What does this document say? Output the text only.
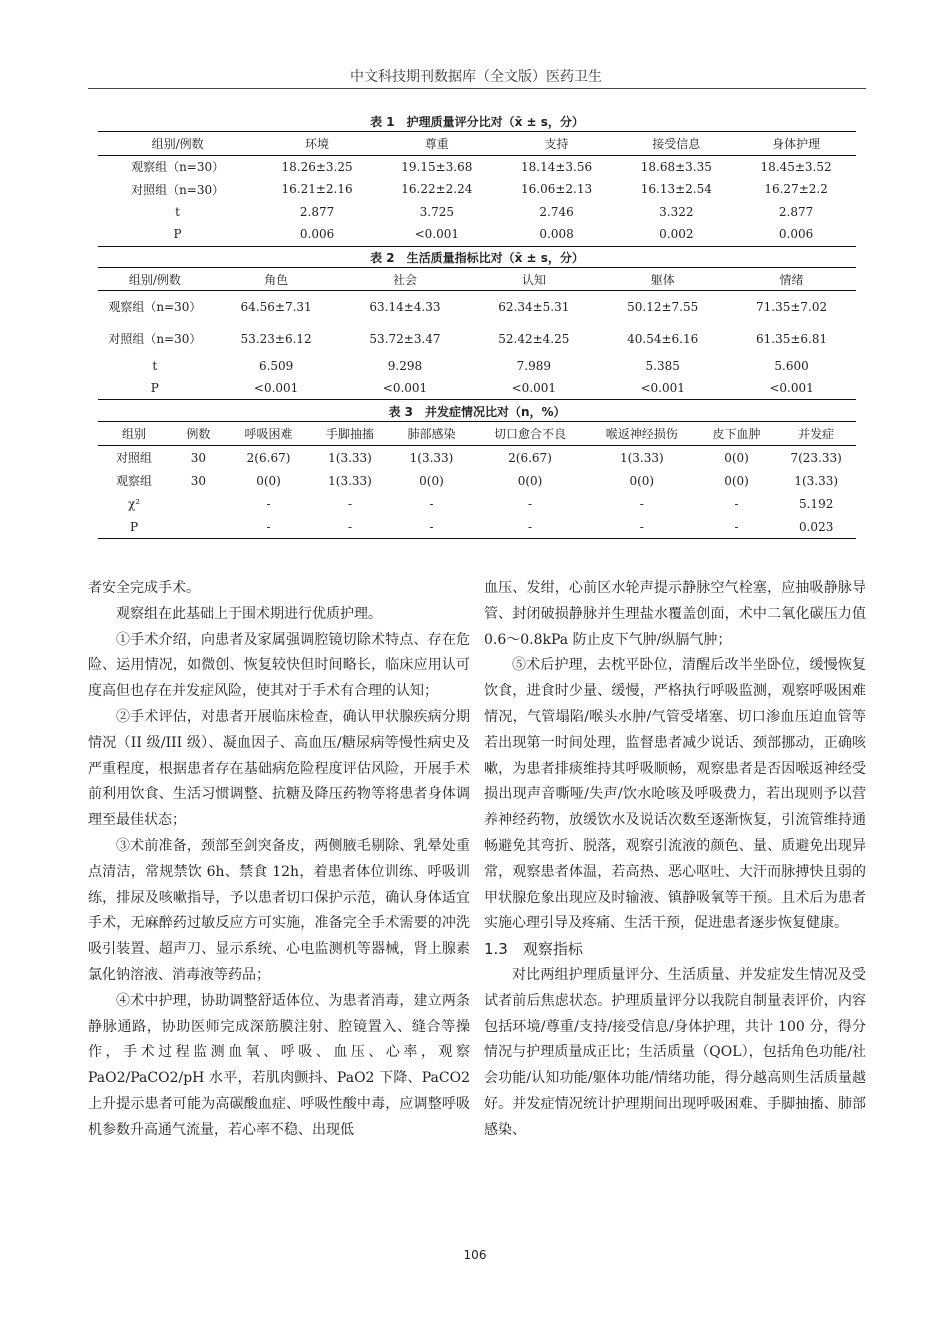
中文科技期刊数据库（全文版）医药卫生
表 1　护理质量评分比对（x̄ ± s，分）
组别/例数	环境	尊重	支持	接受信息	身体护理
观察组（n=30）	18.26±3.25	19.15±3.68	18.14±3.56	18.68±3.35	18.45±3.52
对照组（n=30）	16.21±2.16	16.22±2.24	16.06±2.13	16.13±2.54	16.27±2.2
t	2.877	3.725	2.746	3.322	2.877
P	0.006	<0.001	0.008	0.002	0.006
表 2　生活质量指标比对（x̄ ± s，分）
组别/例数	角色	社会	认知	躯体	情绪
观察组（n=30）	64.56±7.31	63.14±4.33	62.34±5.31	50.12±7.55	71.35±7.02
对照组（n=30）	53.23±6.12	53.72±3.47	52.42±4.25	40.54±6.16	61.35±6.81
t	6.509	9.298	7.989	5.385	5.600
P	<0.001	<0.001	<0.001	<0.001	<0.001
表 3　并发症情况比对（n，%）
组别	例数	呼吸困难	手脚抽搐	肺部感染	切口愈合不良	喉返神经损伤	皮下血肿	并发症
对照组	30	2(6.67)	1(3.33)	1(3.33)	2(6.67)	1(3.33)	0(0)	7(23.33)
观察组	30	0(0)	1(3.33)	0(0)	0(0)	0(0)	0(0)	1(3.33)
χ²		-	-	-	-	-	-	5.192
P		-	-	-	-	-	-	0.023

者安全完成手术。

观察组在此基础上于围术期进行优质护理。

①手术介绍，向患者及家属强调腔镜切除术特点、存在危险、运用情况，如微创、恢复较快但时间略长，临床应用认可度高但也存在并发症风险，使其对于手术有合理的认知；

②手术评估，对患者开展临床检查，确认甲状腺疾病分期情况（II 级/III 级）、凝血因子、高血压/糖尿病等慢性病史及严重程度，根据患者存在基础病危险程度评估风险，开展手术前利用饮食、生活习惯调整、抗糖及降压药物等将患者身体调理至最佳状态；

③术前准备，颈部至剑突备皮，两侧腋毛剔除、乳晕处重点清洁，常规禁饮 6h、禁食 12h，着患者体位训练、呼吸训练，排尿及咳嗽指导，予以患者切口保护示范，确认身体适宜手术，无麻醉药过敏反应方可实施，准备完全手术需要的冲洗吸引装置、超声刀、显示系统、心电监测机等器械，肾上腺素氯化钠溶液、消毒液等药品；

④术中护理，协助调整舒适体位、为患者消毒，建立两条静脉通路，协助医师完成深筋膜注射、腔镜置入、缝合等操作，手术过程监测血氧、呼吸、血压、心率，观察 PaO2/PaCO2/pH 水平，若肌肉颤抖、PaO2 下降、PaCO2 上升提示患者可能为高碳酸血症、呼吸性酸中毒，应调整呼吸机参数升高通气流量，若心率不稳、出现低

血压、发绀，心前区水轮声提示静脉空气栓塞，应抽吸静脉导管、封闭破损静脉并生理盐水覆盖创面，术中二氧化碳压力值 0.6～0.8kPa 防止皮下气肿/纵膈气肿；

⑤术后护理，去枕平卧位，清醒后改半坐卧位，缓慢恢复饮食，进食时少量、缓慢，严格执行呼吸监测，观察呼吸困难情况，气管塌陷/喉头水肿/气管受堵塞、切口渗血压迫血管等若出现第一时间处理，监督患者减少说话、颈部挪动，正确咳嗽，为患者排痰维持其呼吸顺畅，观察患者是否因喉返神经受损出现声音嘶哑/失声/饮水呛咳及呼吸费力，若出现则予以营养神经药物，放缓饮水及说话次数至逐渐恢复，引流管维持通畅避免其弯折、脱落，观察引流液的颜色、量、质避免出现异常，观察患者体温，若高热、恶心呕吐、大汗而脉搏快且弱的甲状腺危象出现应及时输液、镇静吸氧等干预。且术后为患者实施心理引导及疼痛、生活干预，促进患者逐步恢复健康。

1.3　观察指标

对比两组护理质量评分、生活质量、并发症发生情况及受试者前后焦虑状态。护理质量评分以我院自制量表评价，内容包括环境/尊重/支持/接受信息/身体护理，共计 100 分，得分情况与护理质量成正比；生活质量（QOL），包括角色功能/社会功能/认知功能/躯体功能/情绪功能，得分越高则生活质量越好。并发症情况统计护理期间出现呼吸困难、手脚抽搐、肺部感染、

106
